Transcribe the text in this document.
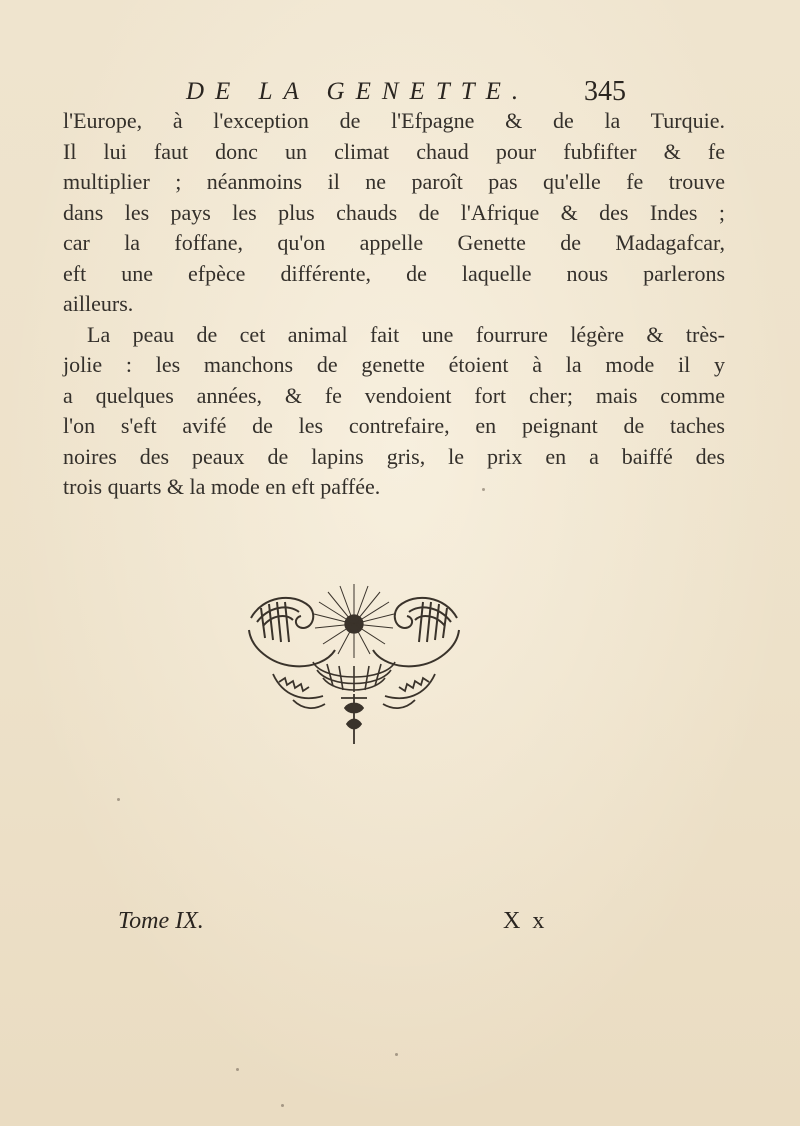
DE LA GENETTE. 345
l'Europe, à l'exception de l'Efpagne & de la Turquie.
Il lui faut donc un climat chaud pour fubfifter & fe
multiplier ; néanmoins il ne paroît pas qu'elle fe trouve
dans les pays les plus chauds de l'Afrique & des Indes ;
car la foffane, qu'on appelle Genette de Madagafcar,
eft une efpèce différente, de laquelle nous parlerons
ailleurs.
La peau de cet animal fait une fourrure légère & très-
jolie : les manchons de genette étoient à la mode il y
a quelques années, & fe vendoient fort cher; mais comme
l'on s'eft avifé de les contrefaire, en peignant de taches
noires des peaux de lapins gris, le prix en a baiffé des
trois quarts & la mode en eft paffée.
Tome IX.	X x
